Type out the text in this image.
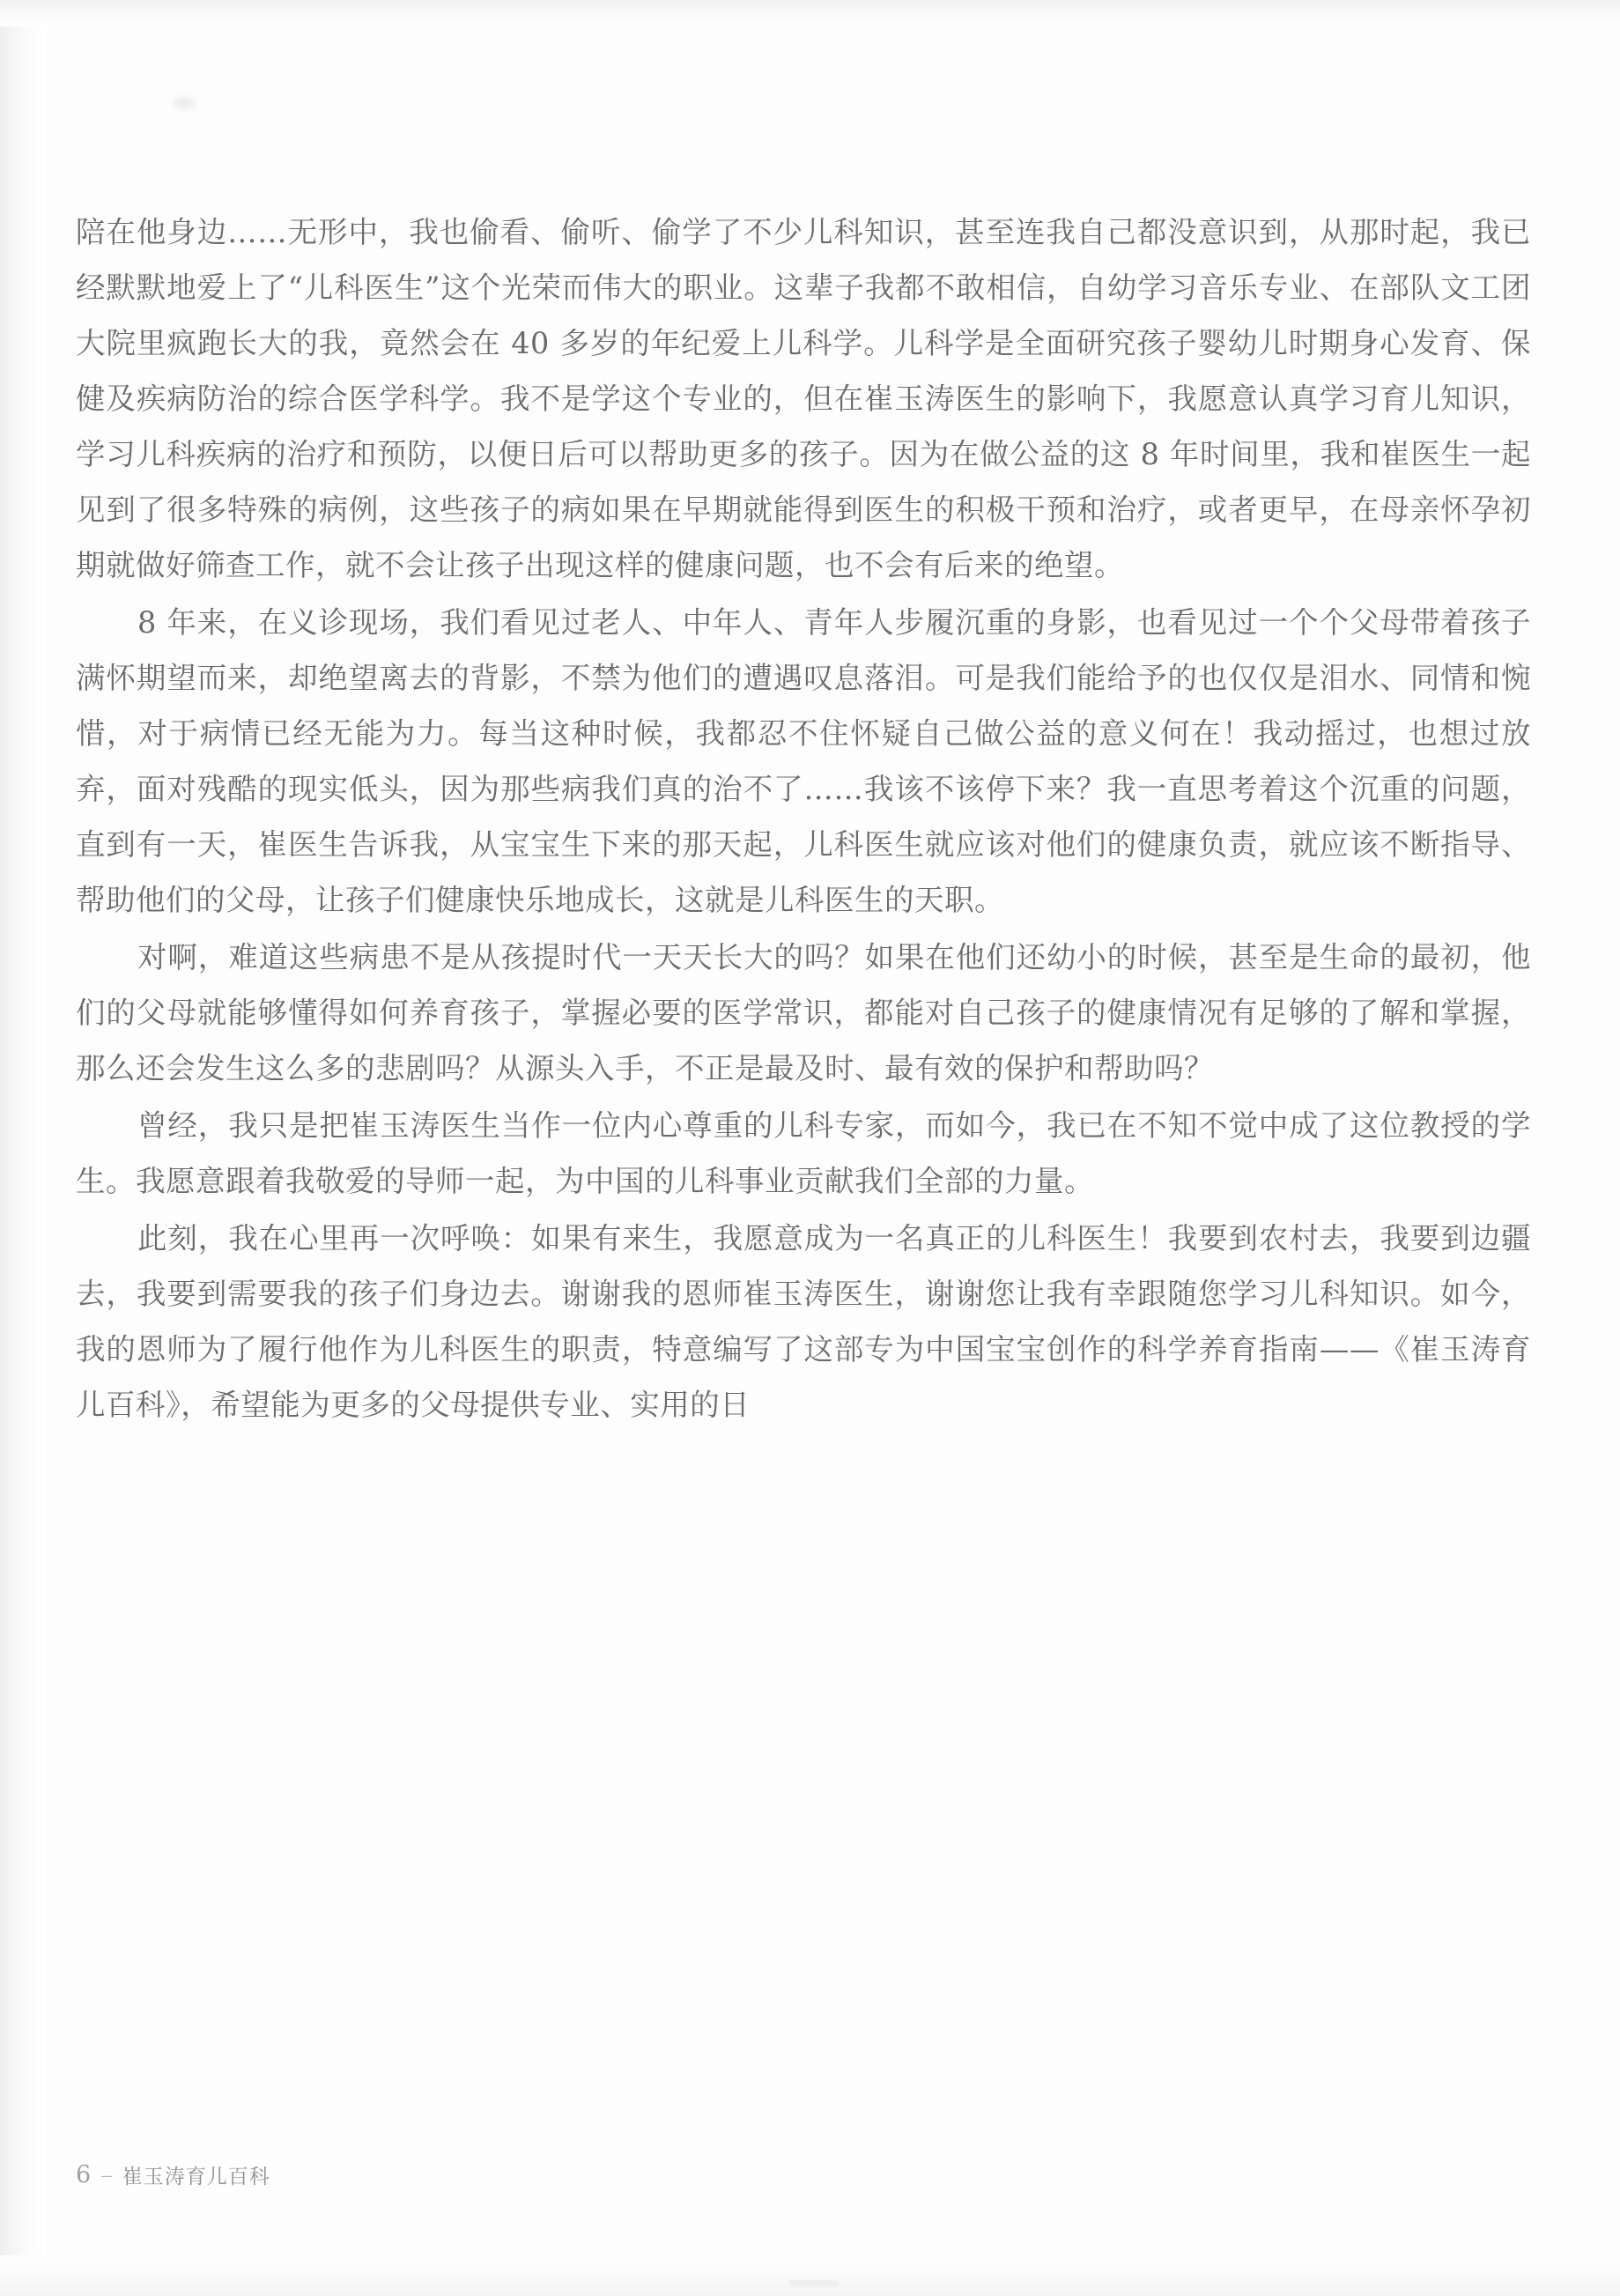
陪在他身边……无形中，我也偷看、偷听、偷学了不少儿科知识，甚至连我自己都没意识到，从那时起，我已经默默地爱上了“儿科医生”这个光荣而伟大的职业。这辈子我都不敢相信，自幼学习音乐专业、在部队文工团大院里疯跑长大的我，竟然会在 40 多岁的年纪爱上儿科学。儿科学是全面研究孩子婴幼儿时期身心发育、保健及疾病防治的综合医学科学。我不是学这个专业的，但在崔玉涛医生的影响下，我愿意认真学习育儿知识，学习儿科疾病的治疗和预防，以便日后可以帮助更多的孩子。因为在做公益的这 8 年时间里，我和崔医生一起见到了很多特殊的病例，这些孩子的病如果在早期就能得到医生的积极干预和治疗，或者更早，在母亲怀孕初期就做好筛查工作，就不会让孩子出现这样的健康问题，也不会有后来的绝望。

8 年来，在义诊现场，我们看见过老人、中年人、青年人步履沉重的身影，也看见过一个个父母带着孩子满怀期望而来，却绝望离去的背影，不禁为他们的遭遇叹息落泪。可是我们能给予的也仅仅是泪水、同情和惋惜，对于病情已经无能为力。每当这种时候，我都忍不住怀疑自己做公益的意义何在！我动摇过，也想过放弃，面对残酷的现实低头，因为那些病我们真的治不了……我该不该停下来？我一直思考着这个沉重的问题，直到有一天，崔医生告诉我，从宝宝生下来的那天起，儿科医生就应该对他们的健康负责，就应该不断指导、帮助他们的父母，让孩子们健康快乐地成长，这就是儿科医生的天职。

对啊，难道这些病患不是从孩提时代一天天长大的吗？如果在他们还幼小的时候，甚至是生命的最初，他们的父母就能够懂得如何养育孩子，掌握必要的医学常识，都能对自己孩子的健康情况有足够的了解和掌握，那么还会发生这么多的悲剧吗？从源头入手，不正是最及时、最有效的保护和帮助吗？

曾经，我只是把崔玉涛医生当作一位内心尊重的儿科专家，而如今，我已在不知不觉中成了这位教授的学生。我愿意跟着我敬爱的导师一起，为中国的儿科事业贡献我们全部的力量。

此刻，我在心里再一次呼唤：如果有来生，我愿意成为一名真正的儿科医生！我要到农村去，我要到边疆去，我要到需要我的孩子们身边去。谢谢我的恩师崔玉涛医生，谢谢您让我有幸跟随您学习儿科知识。如今，我的恩师为了履行他作为儿科医生的职责，特意编写了这部专为中国宝宝创作的科学养育指南——《崔玉涛育儿百科》，希望能为更多的父母提供专业、实用的日

6 – 崔玉涛育儿百科
